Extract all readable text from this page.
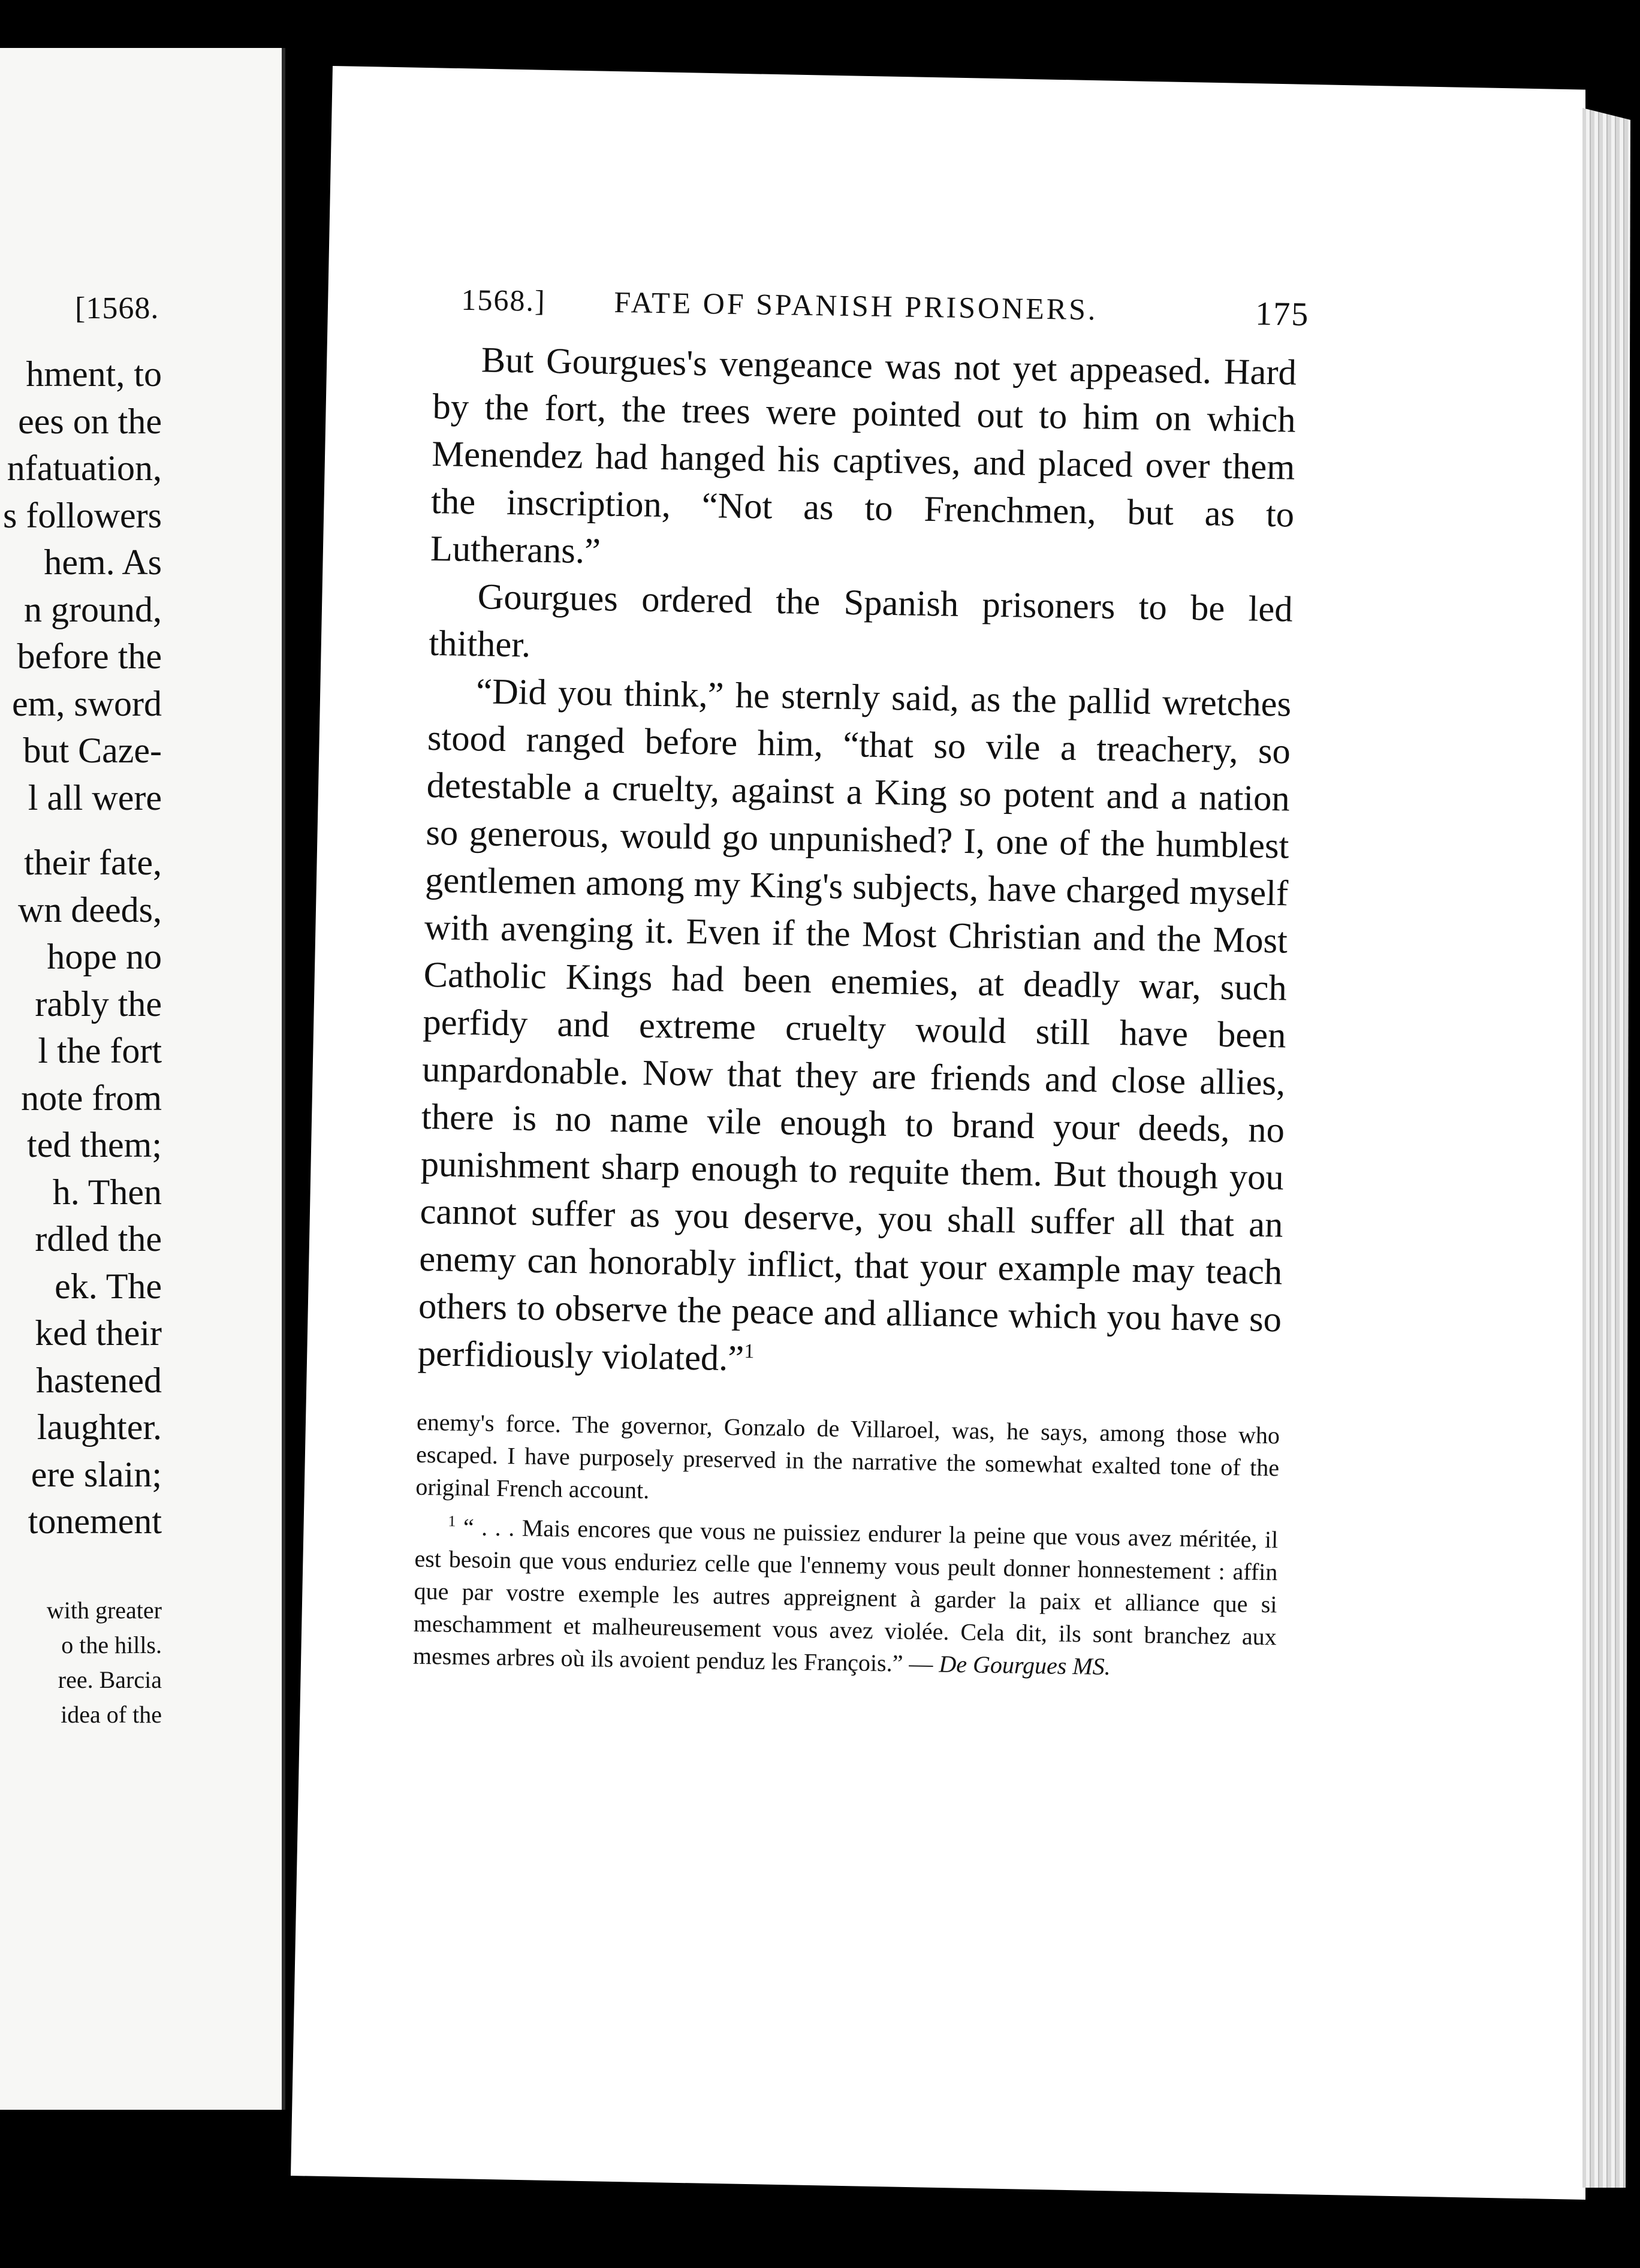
[1568.
hment, to
ees on the
nfatuation,
s followers
hem. As
n ground,
before the
em, sword
but Caze-
l all were
their fate,
wn deeds,
hope no
rably the
l the fort
note from
ted them;
h. Then
rdled the
ek. The
ked their
hastened
laughter.
ere slain;
tonement
with greater
o the hills.
ree. Barcia
idea of the
1568.] FATE OF SPANISH PRISONERS.	175

But Gourgues's vengeance was not yet appeased. Hard by the fort, the trees were pointed out to him on which Menendez had hanged his captives, and placed over them the inscription, “Not as to Frenchmen, but as to Lutherans.”

Gourgues ordered the Spanish prisoners to be led thither.

“Did you think,” he sternly said, as the pallid wretches stood ranged before him, “that so vile a treachery, so detestable a cruelty, against a King so potent and a nation so generous, would go unpunished? I, one of the humblest gentlemen among my King's subjects, have charged myself with avenging it. Even if the Most Christian and the Most Catholic Kings had been enemies, at deadly war, such perfidy and extreme cruelty would still have been unpardonable. Now that they are friends and close allies, there is no name vile enough to brand your deeds, no punishment sharp enough to requite them. But though you cannot suffer as you deserve, you shall suffer all that an enemy can honorably inflict, that your example may teach others to observe the peace and alliance which you have so perfidiously violated.”$^1$

enemy's force. The governor, Gonzalo de Villaroel, was, he says, among those who escaped. I have purposely preserved in the narrative the somewhat exalted tone of the original French account.

$^1$ “ . . . Mais encores que vous ne puissiez endurer la peine que vous avez méritée, il est besoin que vous enduriez celle que l'ennemy vous peult donner honnestement : affin que par vostre exemple les autres appreignent à garder la paix et alliance que si meschamment et malheureusement vous avez violée. Cela dit, ils sont branchez aux mesmes arbres où ils avoient penduz les François.” — De Gourgues MS.
